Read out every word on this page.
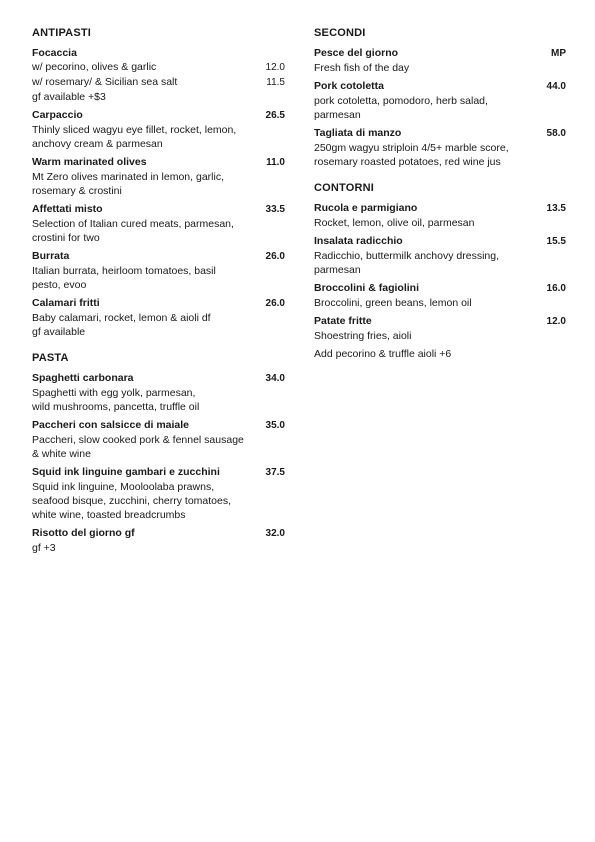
ANTIPASTI
Focaccia
w/ pecorino, olives & garlic	12.0
w/ rosemary/ & Sicilian sea salt	11.5
gf available +$3
Carpaccio	26.5
Thinly sliced wagyu eye fillet, rocket, lemon,
anchovy cream & parmesan
Warm marinated olives	11.0
Mt Zero olives marinated in lemon, garlic,
rosemary & crostini
Affettati misto	33.5
Selection of Italian cured meats, parmesan,
crostini for two
Burrata	26.0
Italian burrata, heirloom tomatoes, basil
pesto, evoo
Calamari fritti	26.0
Baby calamari, rocket, lemon & aioli df
gf available
PASTA
Spaghetti carbonara	34.0
Spaghetti with egg yolk, parmesan,
wild mushrooms, pancetta, truffle oil
Paccheri con salsicce di maiale	35.0
Paccheri, slow cooked pork & fennel sausage
& white wine
Squid ink linguine gambari e zucchini	37.5
Squid ink linguine, Mooloolaba prawns,
seafood bisque, zucchini, cherry tomatoes,
white wine, toasted breadcrumbs
Risotto del giorno gf	32.0
gf +3
SECONDI
Pesce del giorno	MP
Fresh fish of the day
Pork cotoletta	44.0
pork cotoletta, pomodoro, herb salad,
parmesan
Tagliata di manzo	58.0
250gm wagyu striploin 4/5+ marble score,
rosemary roasted potatoes, red wine jus
CONTORNI
Rucola e parmigiano	13.5
Rocket, lemon, olive oil, parmesan
Insalata radicchio	15.5
Radicchio, buttermilk anchovy dressing,
parmesan
Broccolini & fagiolini	16.0
Broccolini, green beans, lemon oil
Patate fritte	12.0
Shoestring fries, aioli
Add pecorino & truffle aioli +6
